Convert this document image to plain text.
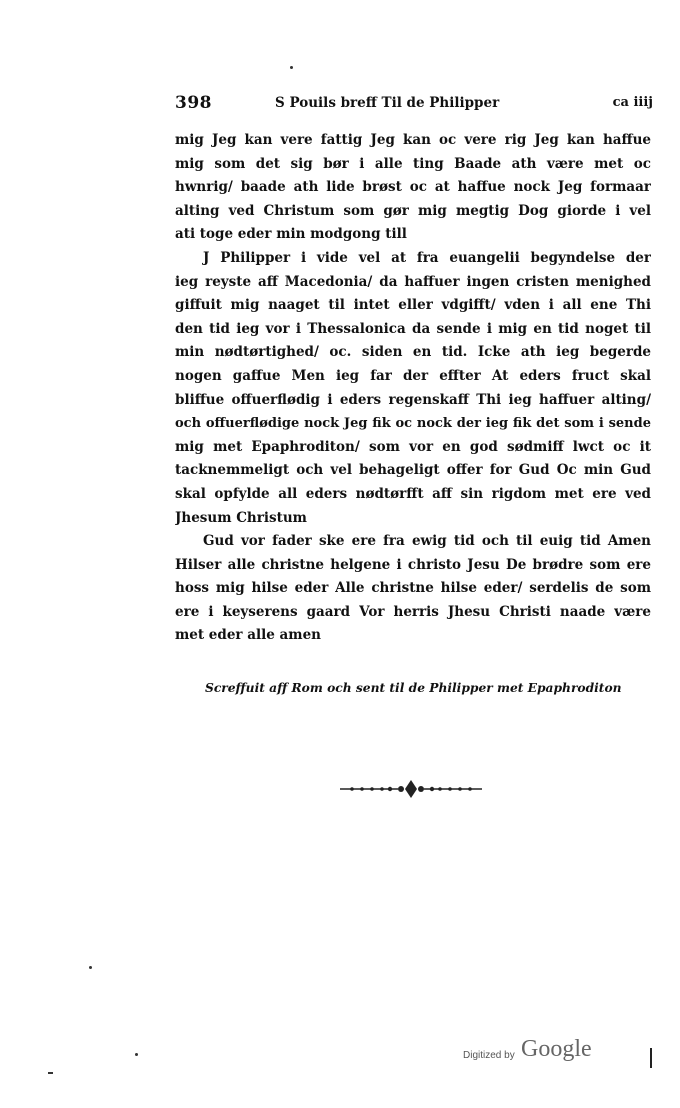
398	S Pouils breff Til de Philipper	ca iiij
mig Jeg kan vere fattig Jeg kan oc vere rig Jeg kan haffue
mig som det sig bør i alle ting Baade ath være met oc
hwnrig/ baade ath lide brøst oc at haffue nock Jeg formaar
alting ved Christum som gør mig megtig Dog giorde i vel
ati toge eder min modgong till
J Philipper i vide vel at fra euangelii begyndelse der
ieg reyste aff Macedonia/ da haffuer ingen cristen menighed
giffuit mig naaget til intet eller vdgifft/ vden i all ene Thi
den tid ieg vor i Thessalonica da sende i mig en tid noget til
min nødtørtighed/ oc. siden en tid. Icke ath ieg begerde
nogen gaffue Men ieg far der effter At eders fruct skal
bliffue offuerflødig i eders regenskaff Thi ieg haffuer alting/
och offuerflødige nock Jeg fik oc nock der ieg fik det som i sende
mig met Epaphroditon/ som vor en god sødmiff lwct oc it
tacknemmeligt och vel behageligt offer for Gud Oc min Gud
skal opfylde all eders nødtørfft aff sin rigdom met ere ved
Jhesum Christum
Gud vor fader ske ere fra ewig tid och til euig tid Amen
Hilser alle christne helgene i christo Jesu De brødre som ere
hoss mig hilse eder Alle christne hilse eder/ serdelis de som
ere i keyserens gaard Vor herris Jhesu Christi naade være
met eder alle amen
Screffuit aff Rom och sent til de Philipper met Epaphroditon
Digitized by Google
